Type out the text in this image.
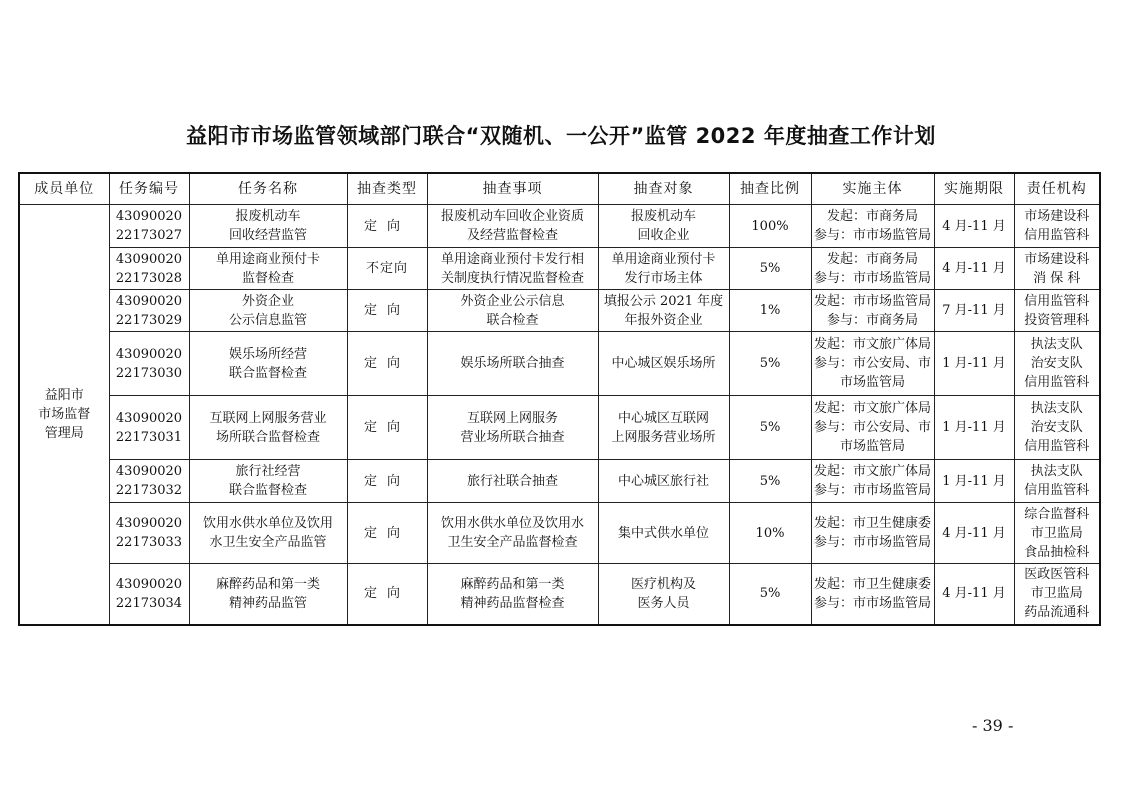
益阳市市场监管领域部门联合“双随机、一公开”监管 2022 年度抽查工作计划
成员单位	任务编号	任务名称	抽查类型	抽查事项	抽查对象	抽查比例	实施主体	实施期限	责任机构

益阳市
市场监督
管理局	43090020
22173027	报废机动车
回收经营监管	定向	报废机动车回收企业资质
及经营监督检查	报废机动车
回收企业	100%	发起：市商务局
参与：市市场监管局	4 月-11 月	市场建设科
信用监管科

	43090020
22173028	单用途商业预付卡
监督检查	不定向	单用途商业预付卡发行相
关制度执行情况监督检查	单用途商业预付卡
发行市场主体	5%	发起：市商务局
参与：市市场监管局	4 月-11 月	市场建设科
消 保 科

	43090020
22173029	外资企业
公示信息监管	定向	外资企业公示信息
联合检查	填报公示 2021 年度
年报外资企业	1%	发起：市市场监管局
参与：市商务局	7 月-11 月	信用监管科
投资管理科

	43090020
22173030	娱乐场所经营
联合监督检查	定向	娱乐场所联合抽查	中心城区娱乐场所	5%	发起：市文旅广体局
参与：市公安局、市
市场监管局	1 月-11 月	执法支队
治安支队
信用监管科

	43090020
22173031	互联网上网服务营业
场所联合监督检查	定向	互联网上网服务
营业场所联合抽查	中心城区互联网
上网服务营业场所	5%	发起：市文旅广体局
参与：市公安局、市
市场监管局	1 月-11 月	执法支队
治安支队
信用监管科

	43090020
22173032	旅行社经营
联合监督检查	定向	旅行社联合抽查	中心城区旅行社	5%	发起：市文旅广体局
参与：市市场监管局	1 月-11 月	执法支队
信用监管科

	43090020
22173033	饮用水供水单位及饮用
水卫生安全产品监管	定向	饮用水供水单位及饮用水
卫生安全产品监督检查	集中式供水单位	10%	发起：市卫生健康委
参与：市市场监管局	4 月-11 月	综合监督科
市卫监局
食品抽检科

	43090020
22173034	麻醉药品和第一类
精神药品监管	定向	麻醉药品和第一类
精神药品监督检查	医疗机构及
医务人员	5%	发起：市卫生健康委
参与：市市场监管局	4 月-11 月	医政医管科
市卫监局
药品流通科
- 39 -
